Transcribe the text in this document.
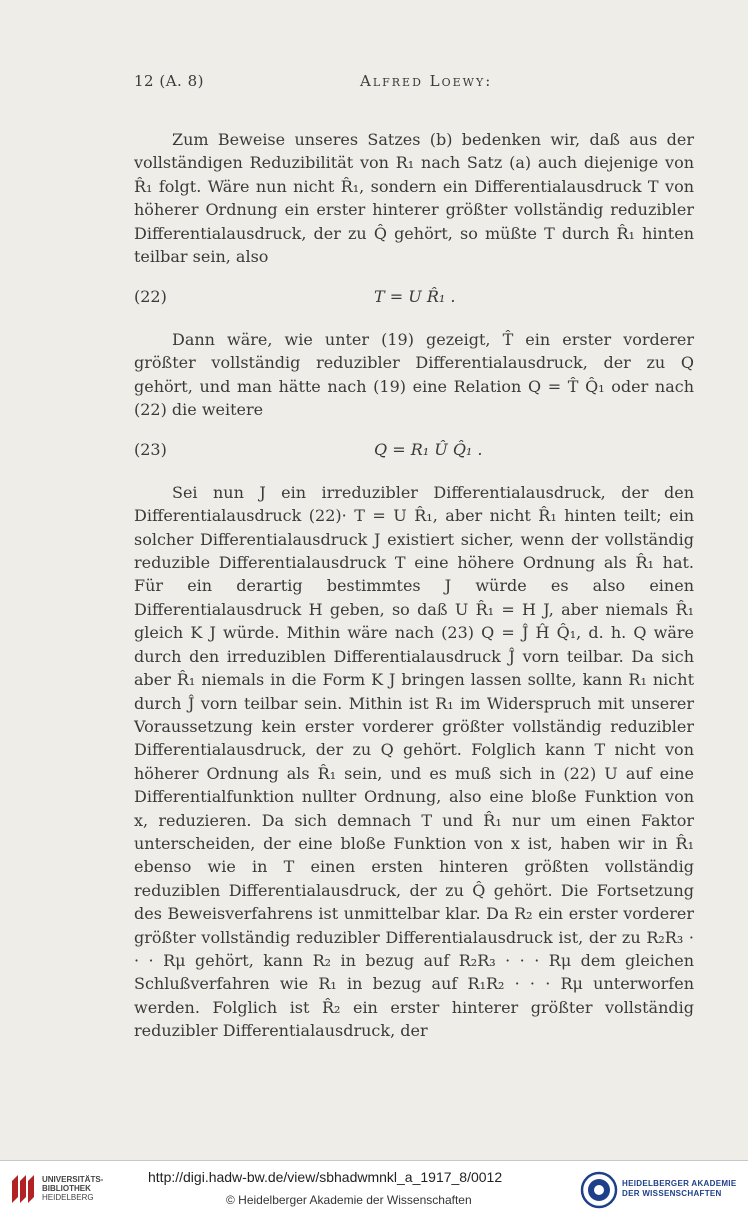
12 (A. 8)	Alfred Loewy:

Zum Beweise unseres Satzes (b) bedenken wir, daß aus der vollständigen Reduzibilität von R₁ nach Satz (a) auch diejenige von R̂₁ folgt. Wäre nun nicht R̂₁, sondern ein Differentialausdruck T von höherer Ordnung ein erster hinterer größter vollständig reduzibler Differentialausdruck, der zu Q̂ gehört, so müßte T durch R̂₁ hinten teilbar sein, also

(22)	T = U R̂₁ .

Dann wäre, wie unter (19) gezeigt, T̂ ein erster vorderer größter vollständig reduzibler Differentialausdruck, der zu Q gehört, und man hätte nach (19) eine Relation Q = T̂ Q̂₁ oder nach (22) die weitere

(23)	Q = R₁ Û Q̂₁ .

Sei nun J ein irreduzibler Differentialausdruck, der den Differentialausdruck (22)· T = U R̂₁, aber nicht R̂₁ hinten teilt; ein solcher Differentialausdruck J existiert sicher, wenn der vollständig reduzible Differentialausdruck T eine höhere Ordnung als R̂₁ hat. Für ein derartig bestimmtes J würde es also einen Differentialausdruck H geben, so daß U R̂₁ = H J, aber niemals R̂₁ gleich K J würde. Mithin wäre nach (23) Q = Ĵ Ĥ Q̂₁, d. h. Q wäre durch den irreduziblen Differentialausdruck Ĵ vorn teilbar. Da sich aber R̂₁ niemals in die Form K J bringen lassen sollte, kann R₁ nicht durch Ĵ vorn teilbar sein. Mithin ist R₁ im Widerspruch mit unserer Voraussetzung kein erster vorderer größter vollständig reduzibler Differentialausdruck, der zu Q gehört. Folglich kann T nicht von höherer Ordnung als R̂₁ sein, und es muß sich in (22) U auf eine Differentialfunktion nullter Ordnung, also eine bloße Funktion von x, reduzieren. Da sich demnach T und R̂₁ nur um einen Faktor unterscheiden, der eine bloße Funktion von x ist, haben wir in R̂₁ ebenso wie in T einen ersten hinteren größten vollständig reduziblen Differentialausdruck, der zu Q̂ gehört. Die Fortsetzung des Beweisverfahrens ist unmittelbar klar. Da R₂ ein erster vorderer größter vollständig reduzibler Differentialausdruck ist, der zu R₂R₃ · · · Rμ gehört, kann R₂ in bezug auf R₂R₃ · · · Rμ dem gleichen Schlußverfahren wie R₁ in bezug auf R₁R₂ · · · Rμ unterworfen werden. Folglich ist R̂₂ ein erster hinterer größter vollständig reduzibler Differentialausdruck, der

UNIVERSITÄTS-
BIBLIOTHEK
HEIDELBERG
http://digi.hadw-bw.de/view/sbhadwmnkl_a_1917_8/0012
© Heidelberger Akademie der Wissenschaften
HEIDELBERGER AKADEMIE
DER WISSENSCHAFTEN
